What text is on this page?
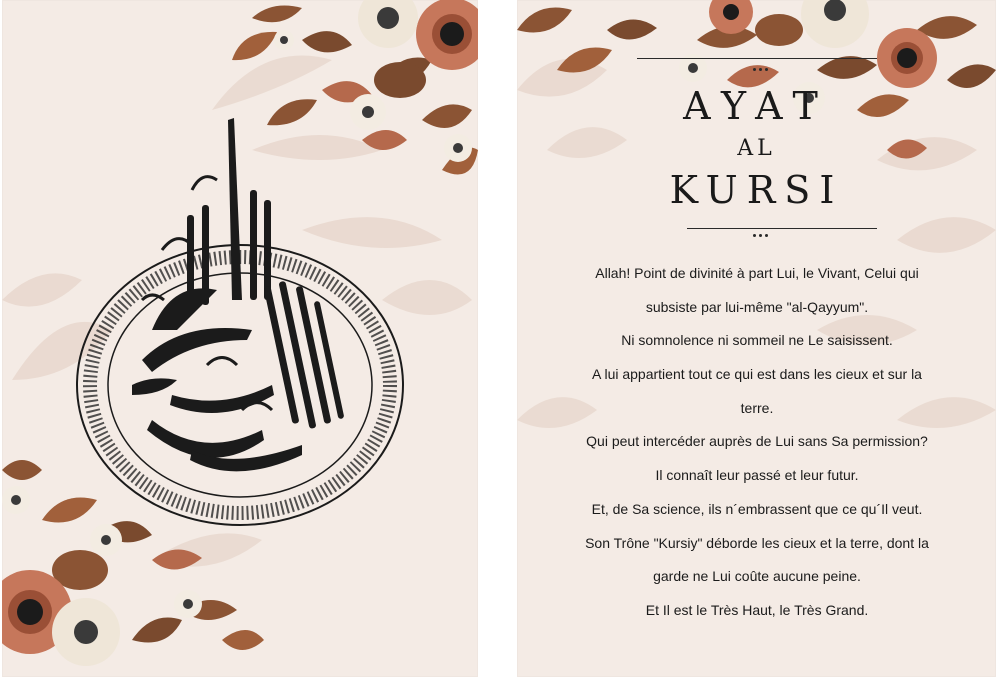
AYAT
AL
KURSI
Allah! Point de divinité à part Lui, le Vivant, Celui qui
subsiste par lui-même "al-Qayyum".
Ni somnolence ni sommeil ne Le saisissent.
A lui appartient tout ce qui est dans les cieux et sur la
terre.
Qui peut intercéder auprès de Lui sans Sa permission?
Il connaît leur passé et leur futur.
Et, de Sa science, ils n´embrassent que ce qu´Il veut.
Son Trône "Kursiy" déborde les cieux et la terre, dont la
garde ne Lui coûte aucune peine.
Et Il est le Très Haut, le Très Grand.
